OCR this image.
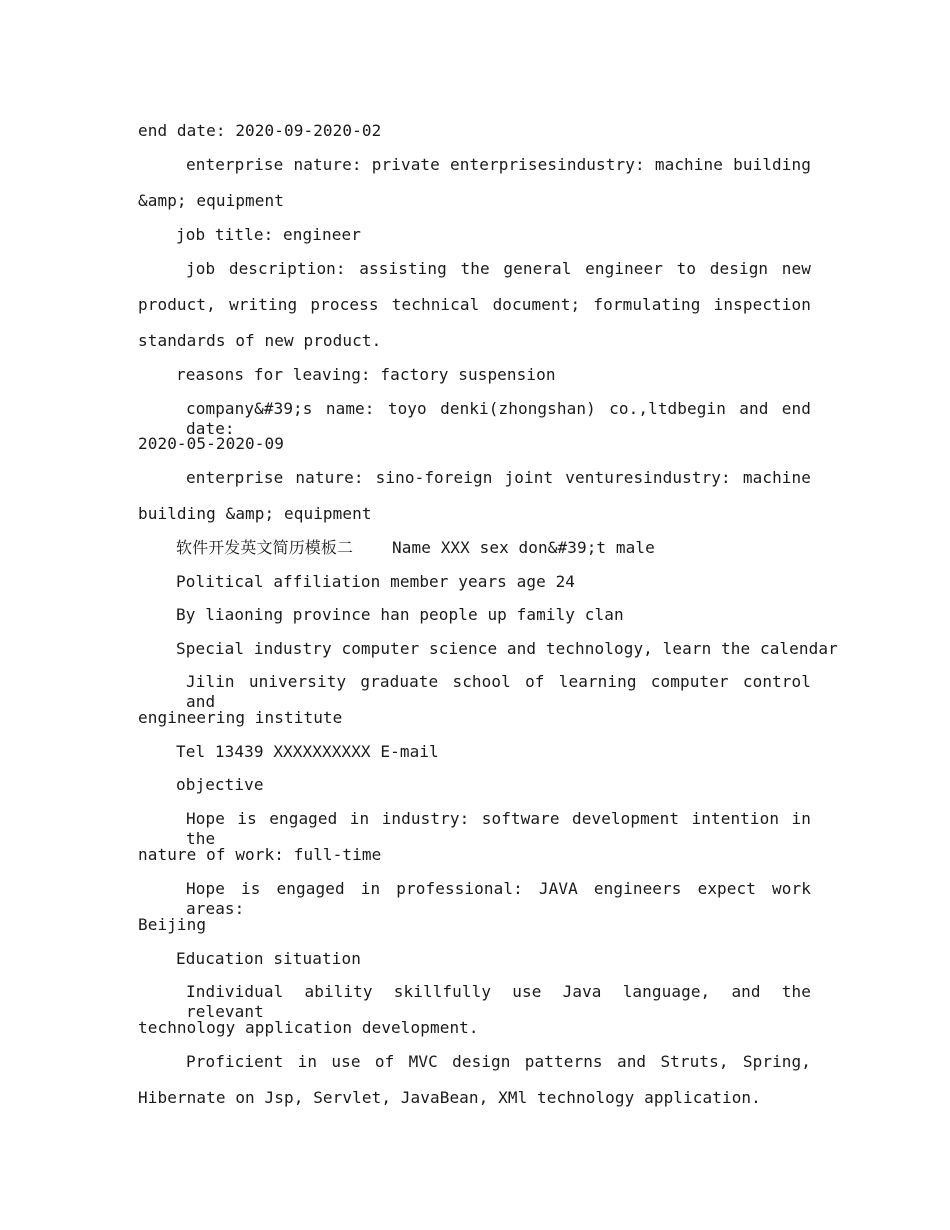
end date: 2020-09-2020-02
enterprise nature: private enterprisesindustry: machine building
&amp; equipment
job title: engineer
job description: assisting the general engineer to design new
product, writing process technical document; formulating inspection
standards of new product.
reasons for leaving: factory suspension
company&#39;s name: toyo denki(zhongshan) co.,ltdbegin and end date:
2020-05-2020-09
enterprise nature: sino-foreign joint venturesindustry: machine
building &amp; equipment
软件开发英文简历模板二    Name XXX sex don&#39;t male
Political affiliation member years age 24
By liaoning province han people up family clan
Special industry computer science and technology, learn the calendar
Jilin university graduate school of learning computer control and
engineering institute
Tel 13439 XXXXXXXXXX E-mail
objective
Hope is engaged in industry: software development intention in the
nature of work: full-time
Hope is engaged in professional: JAVA engineers expect work areas:
Beijing
Education situation
Individual ability skillfully use Java language, and the relevant
technology application development.
Proficient in use of MVC design patterns and Struts, Spring,
Hibernate on Jsp, Servlet, JavaBean, XMl technology application.
